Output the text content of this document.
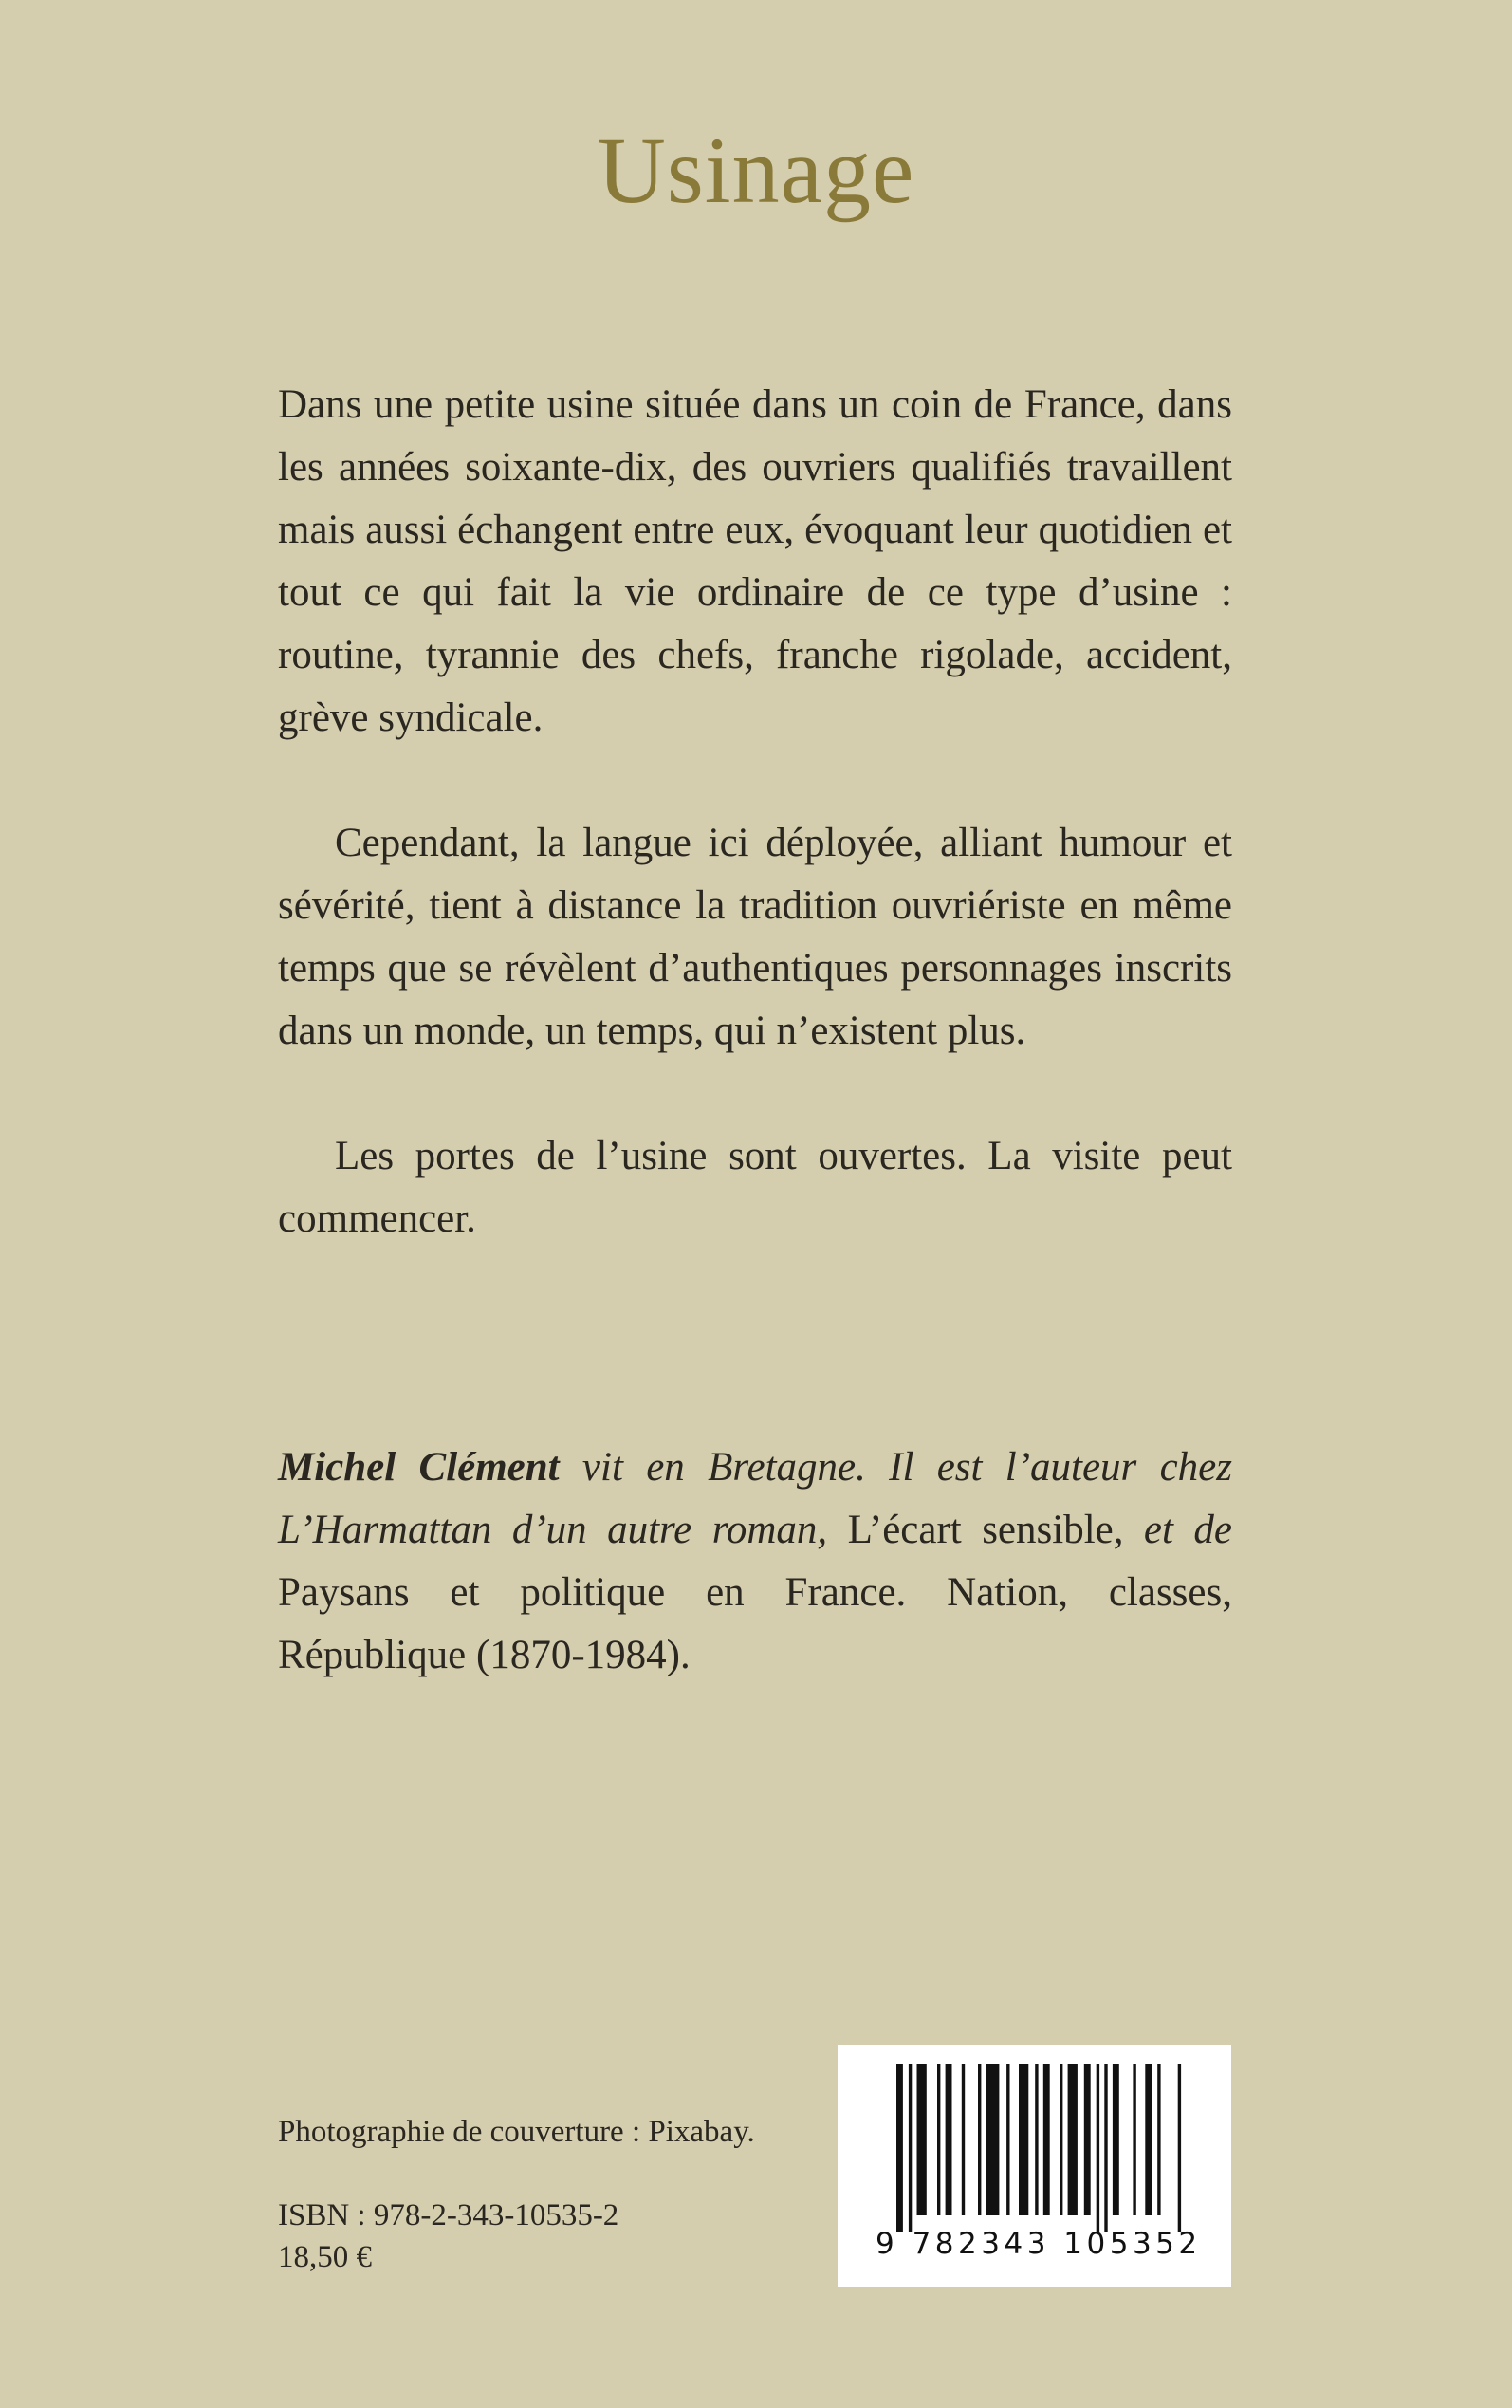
Usinage

Dans une petite usine située dans un coin de France, dans les années soixante-dix, des ouvriers qualifiés travaillent mais aussi échangent entre eux, évoquant leur quotidien et tout ce qui fait la vie ordinaire de ce type d’usine : routine, tyrannie des chefs, franche rigolade, accident, grève syndicale.

Cependant, la langue ici déployée, alliant humour et sévérité, tient à distance la tradition ouvriériste en même temps que se révèlent d’authentiques personnages inscrits dans un monde, un temps, qui n’existent plus.

Les portes de l’usine sont ouvertes. La visite peut commencer.

Michel Clément vit en Bretagne. Il est l’auteur chez L’Harmattan d’un autre roman, L’écart sensible, et de Paysans et politique en France. Nation, classes, République (1870-1984).

Photographie de couverture : Pixabay.
ISBN : 978-2-343-10535-2
18,50 €	9 782343 105352
